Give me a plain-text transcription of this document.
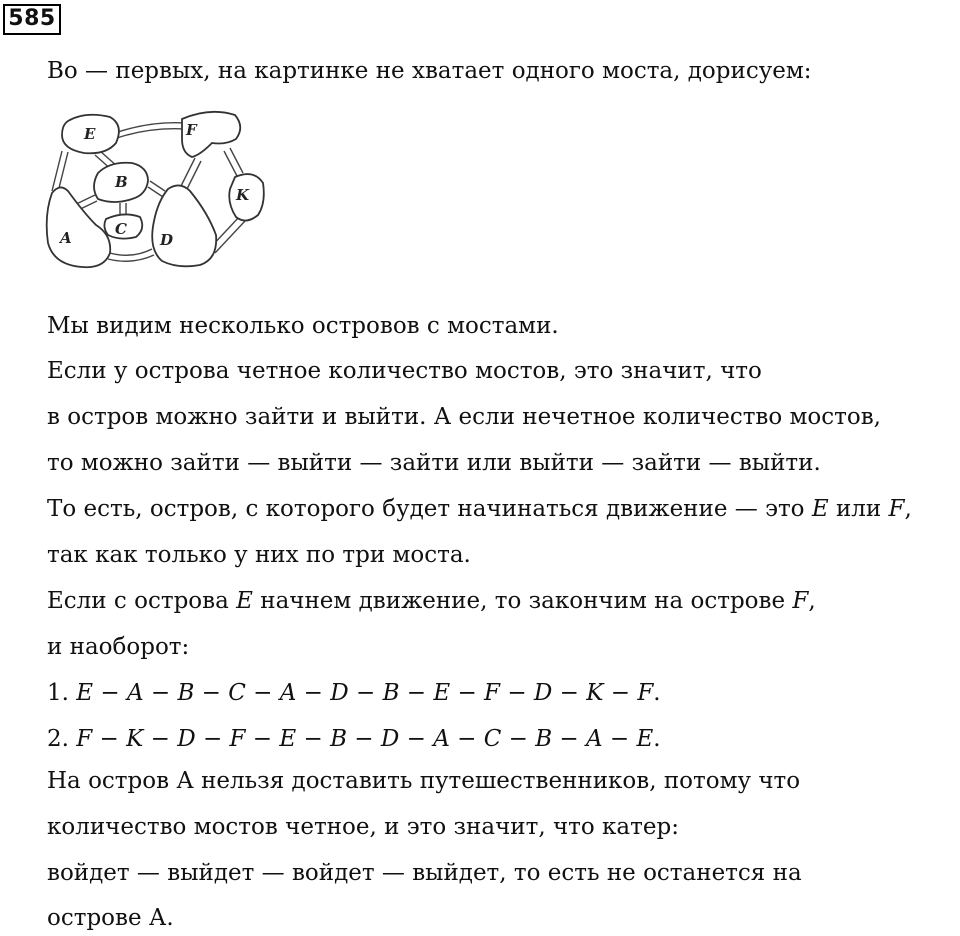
585
Во — первых, на картинке не хватает одного моста, дорисуем:
E	F
K
B
C
A	D
Мы видим несколько островов с мостами.
Если у острова четное количество мостов, это значит, что
в остров можно зайти и выйти. А если нечетное количество мостов,
то можно зайти — выйти — зайти или выйти — зайти — выйти.
То есть, остров, с которого будет начинаться движение — это E или F,
так как только у них по три моста.
Если с острова E начнем движение, то закончим на острове F,
и наоборот:
1. E − A − B − C − A − D − B − E − F − D − K − F.
2. F − K − D − F − E − B − D − A − C − B − A − E.
На остров А нельзя доставить путешественников, потому что
количество мостов четное, и это значит, что катер:
войдет — выйдет — войдет — выйдет, то есть не останется на
острове А.
